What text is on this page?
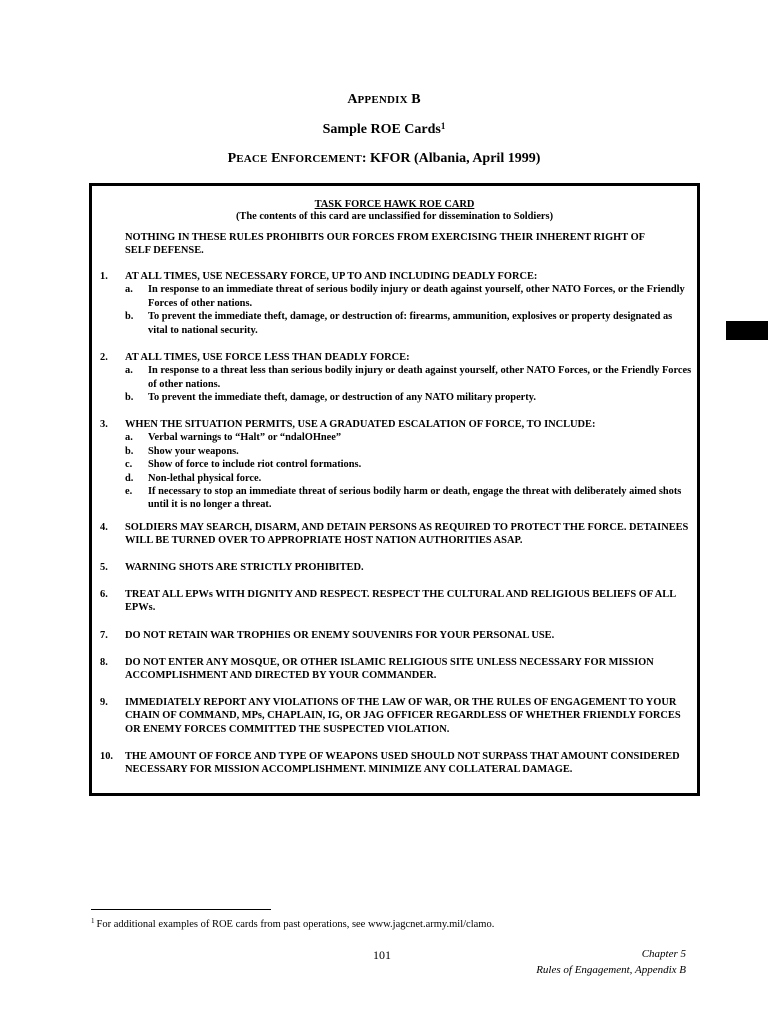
APPENDIX B
Sample ROE Cards$^1$
PEACE ENFORCEMENT: KFOR (Albania, April 1999)
TASK FORCE HAWK ROE CARD
(The contents of this card are unclassified for dissemination to Soldiers)
NOTHING IN THESE RULES PROHIBITS OUR FORCES FROM EXERCISING THEIR INHERENT RIGHT OF SELF DEFENSE.
1.	AT ALL TIMES, USE NECESSARY FORCE, UP TO AND INCLUDING DEADLY FORCE:
a.	In response to an immediate threat of serious bodily injury or death against yourself, other NATO Forces, or the Friendly Forces of other nations.
b.	To prevent the immediate theft, damage, or destruction of: firearms, ammunition, explosives or property designated as vital to national security.
2.	AT ALL TIMES, USE FORCE LESS THAN DEADLY FORCE:
a.	In response to a threat less than serious bodily injury or death against yourself, other NATO Forces, or the Friendly Forces of other nations.
b.	To prevent the immediate theft, damage, or destruction of any NATO military property.
3.	WHEN THE SITUATION PERMITS, USE A GRADUATED ESCALATION OF FORCE, TO INCLUDE:
a.	Verbal warnings to “Halt” or “ndalOHnee”
b.	Show your weapons.
c.	Show of force to include riot control formations.
d.	Non-lethal physical force.
e.	If necessary to stop an immediate threat of serious bodily harm or death, engage the threat with deliberately aimed shots until it is no longer a threat.
4.	SOLDIERS MAY SEARCH, DISARM, AND DETAIN PERSONS AS REQUIRED TO PROTECT THE FORCE. DETAINEES WILL BE TURNED OVER TO APPROPRIATE HOST NATION AUTHORITIES ASAP.
5.	WARNING SHOTS ARE STRICTLY PROHIBITED.
6.	TREAT ALL EPWs WITH DIGNITY AND RESPECT. RESPECT THE CULTURAL AND RELIGIOUS BELIEFS OF ALL EPWs.
7.	DO NOT RETAIN WAR TROPHIES OR ENEMY SOUVENIRS FOR YOUR PERSONAL USE.
8.	DO NOT ENTER ANY MOSQUE, OR OTHER ISLAMIC RELIGIOUS SITE UNLESS NECESSARY FOR MISSION ACCOMPLISHMENT AND DIRECTED BY YOUR COMMANDER.
9.	IMMEDIATELY REPORT ANY VIOLATIONS OF THE LAW OF WAR, OR THE RULES OF ENGAGEMENT TO YOUR CHAIN OF COMMAND, MPs, CHAPLAIN, IG, OR JAG OFFICER REGARDLESS OF WHETHER FRIENDLY FORCES OR ENEMY FORCES COMMITTED THE SUSPECTED VIOLATION.
10.	THE AMOUNT OF FORCE AND TYPE OF WEAPONS USED SHOULD NOT SURPASS THAT AMOUNT CONSIDERED NECESSARY FOR MISSION ACCOMPLISHMENT. MINIMIZE ANY COLLATERAL DAMAGE.
$^1$ For additional examples of ROE cards from past operations, see www.jagcnet.army.mil/clamo.
101	Chapter 5
Rules of Engagement, Appendix B
